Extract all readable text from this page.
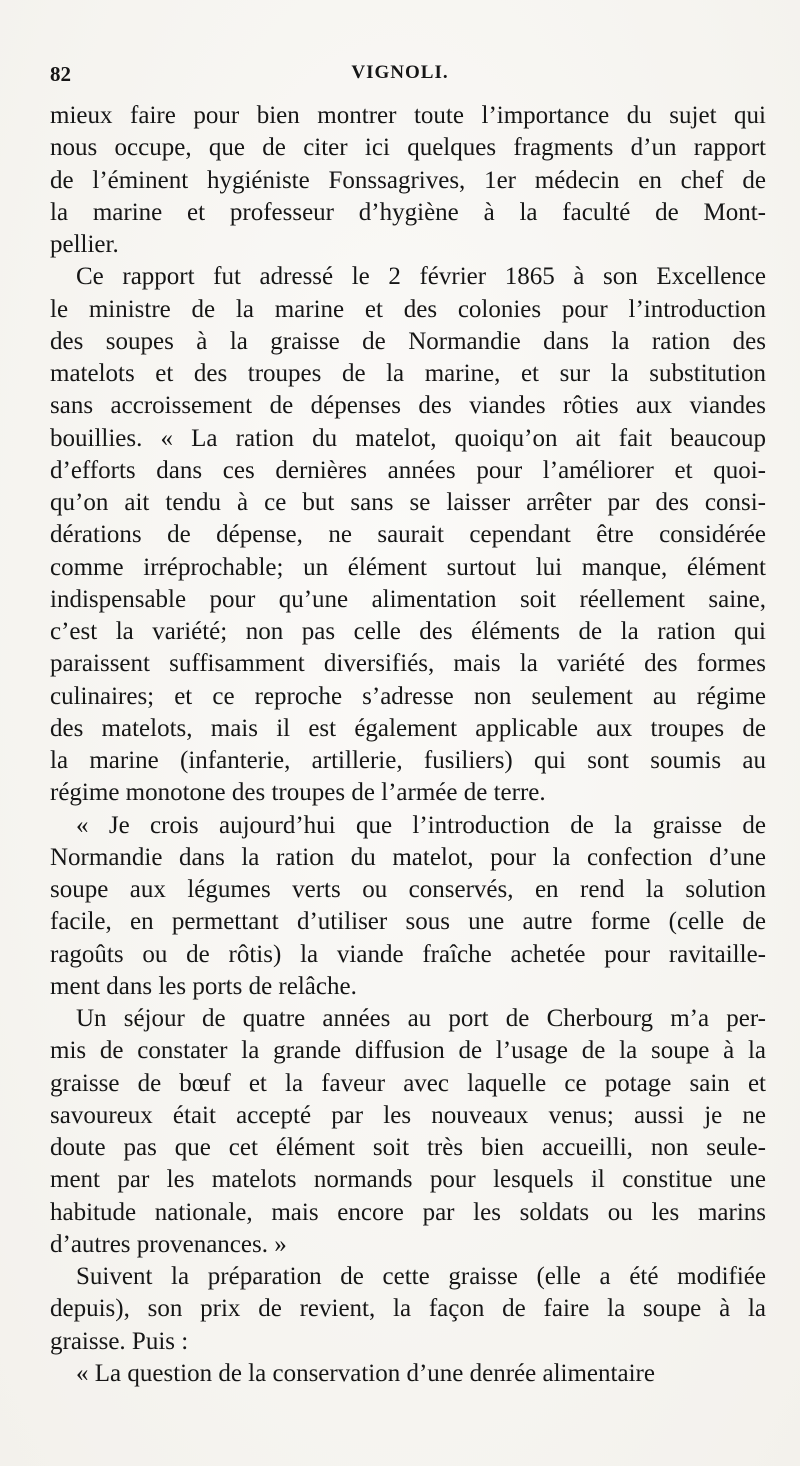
82	VIGNOLI.
mieux faire pour bien montrer toute l’importance du sujet qui
nous occupe, que de citer ici quelques fragments d’un rapport
de l’éminent hygiéniste Fonssagrives, 1er médecin en chef de
la marine et professeur d’hygiène à la faculté de Mont-
pellier.
Ce rapport fut adressé le 2 février 1865 à son Excellence
le ministre de la marine et des colonies pour l’introduction
des soupes à la graisse de Normandie dans la ration des
matelots et des troupes de la marine, et sur la substitution
sans accroissement de dépenses des viandes rôties aux viandes
bouillies. « La ration du matelot, quoiqu’on ait fait beaucoup
d’efforts dans ces dernières années pour l’améliorer et quoi-
qu’on ait tendu à ce but sans se laisser arrêter par des consi-
dérations de dépense, ne saurait cependant être considérée
comme irréprochable; un élément surtout lui manque, élément
indispensable pour qu’une alimentation soit réellement saine,
c’est la variété; non pas celle des éléments de la ration qui
paraissent suffisamment diversifiés, mais la variété des formes
culinaires; et ce reproche s’adresse non seulement au régime
des matelots, mais il est également applicable aux troupes de
la marine (infanterie, artillerie, fusiliers) qui sont soumis au
régime monotone des troupes de l’armée de terre.
« Je crois aujourd’hui que l’introduction de la graisse de
Normandie dans la ration du matelot, pour la confection d’une
soupe aux légumes verts ou conservés, en rend la solution
facile, en permettant d’utiliser sous une autre forme (celle de
ragoûts ou de rôtis) la viande fraîche achetée pour ravitaille-
ment dans les ports de relâche.
Un séjour de quatre années au port de Cherbourg m’a per-
mis de constater la grande diffusion de l’usage de la soupe à la
graisse de bœuf et la faveur avec laquelle ce potage sain et
savoureux était accepté par les nouveaux venus; aussi je ne
doute pas que cet élément soit très bien accueilli, non seule-
ment par les matelots normands pour lesquels il constitue une
habitude nationale, mais encore par les soldats ou les marins
d’autres provenances. »
Suivent la préparation de cette graisse (elle a été modifiée
depuis), son prix de revient, la façon de faire la soupe à la
graisse. Puis :
« La question de la conservation d’une denrée alimentaire
